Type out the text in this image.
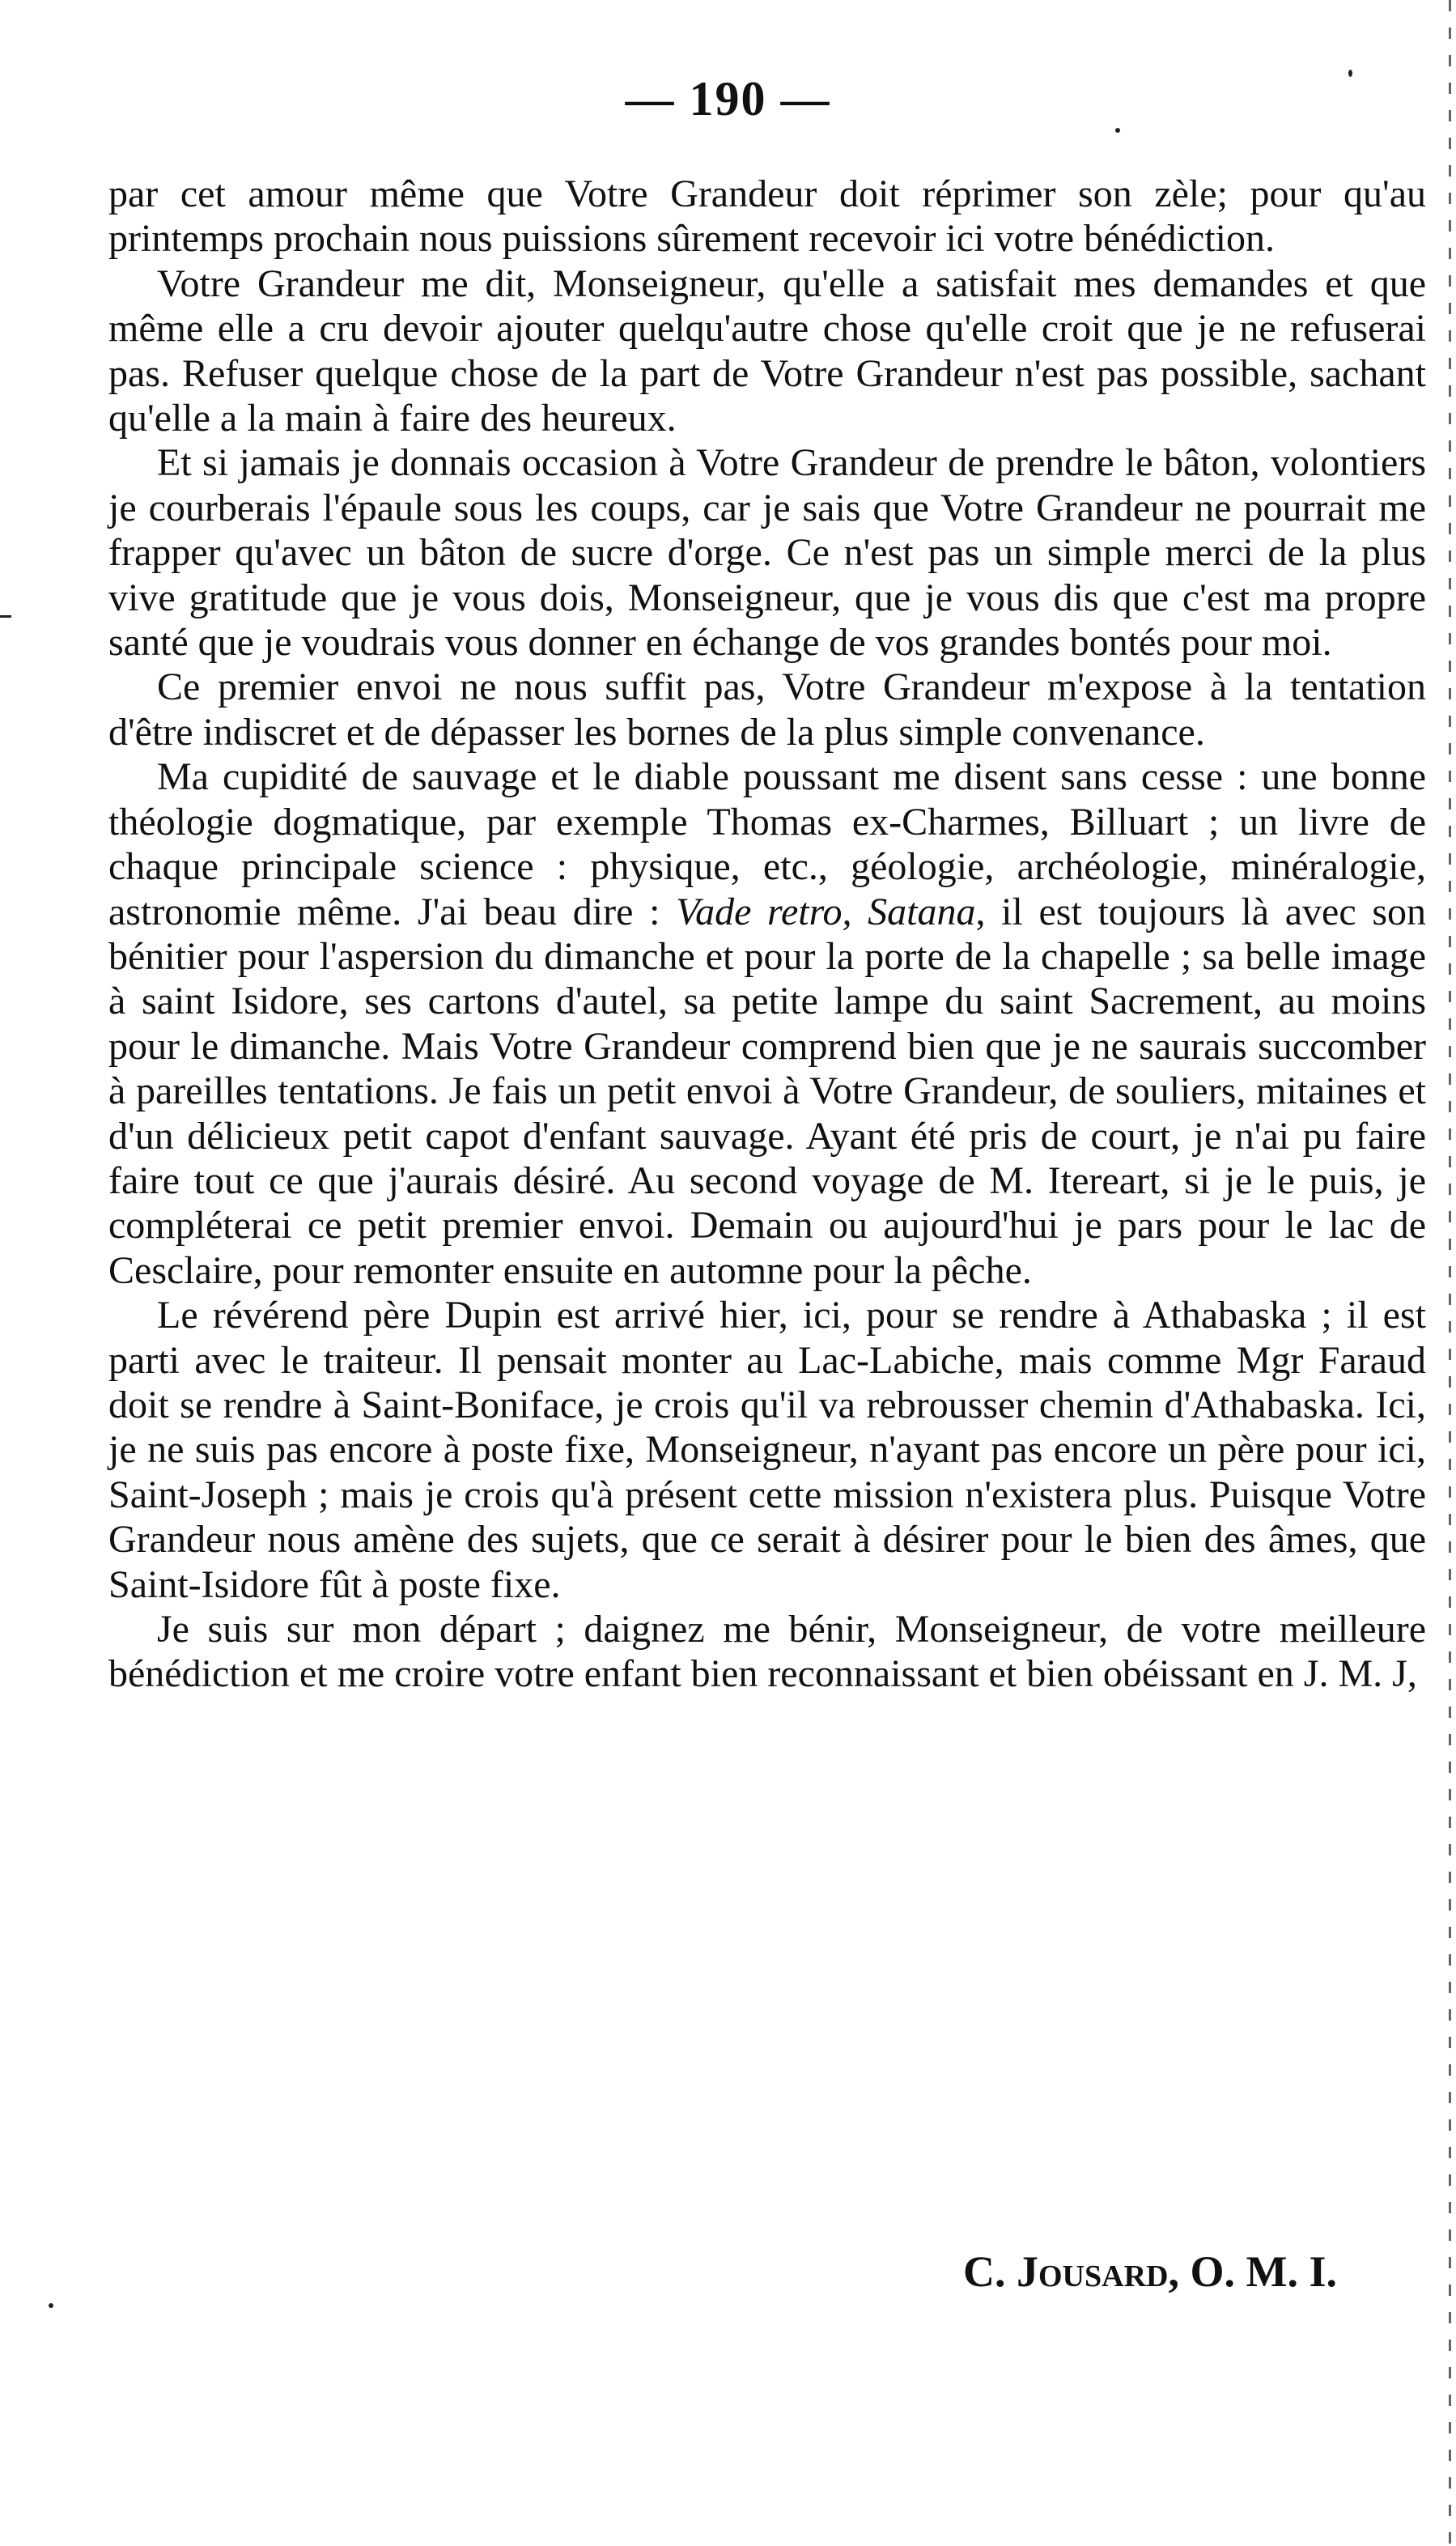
— 190 —

par cet amour même que Votre Grandeur doit réprimer son zèle; pour qu'au printemps prochain nous puissions sûrement recevoir ici votre bénédiction.

Votre Grandeur me dit, Monseigneur, qu'elle a satisfait mes demandes et que même elle a cru devoir ajouter quelqu'autre chose qu'elle croit que je ne refuserai pas. Refuser quelque chose de la part de Votre Grandeur n'est pas possible, sachant qu'elle a la main à faire des heureux.

Et si jamais je donnais occasion à Votre Grandeur de prendre le bâton, volontiers je courberais l'épaule sous les coups, car je sais que Votre Grandeur ne pourrait me frapper qu'avec un bâton de sucre d'orge. Ce n'est pas un simple merci de la plus vive gratitude que je vous dois, Monseigneur, que je vous dis que c'est ma propre santé que je voudrais vous donner en échange de vos grandes bontés pour moi.

Ce premier envoi ne nous suffit pas, Votre Grandeur m'expose à la tentation d'être indiscret et de dépasser les bornes de la plus simple convenance.

Ma cupidité de sauvage et le diable poussant me disent sans cesse : une bonne théologie dogmatique, par exemple Thomas ex-Charmes, Billuart ; un livre de chaque principale science : physique, etc., géologie, archéologie, minéralogie, astronomie même. J'ai beau dire : Vade retro, Satana, il est toujours là avec son bénitier pour l'aspersion du dimanche et pour la porte de la chapelle ; sa belle image à saint Isidore, ses cartons d'autel, sa petite lampe du saint Sacrement, au moins pour le dimanche. Mais Votre Grandeur comprend bien que je ne saurais succomber à pareilles tentations. Je fais un petit envoi à Votre Grandeur, de souliers, mitaines et d'un délicieux petit capot d'enfant sauvage. Ayant été pris de court, je n'ai pu faire faire tout ce que j'aurais désiré. Au second voyage de M. Itereart, si je le puis, je compléterai ce petit premier envoi. Demain ou aujourd'hui je pars pour le lac de Cesclaire, pour remonter ensuite en automne pour la pêche.

Le révérend père Dupin est arrivé hier, ici, pour se rendre à Athabaska ; il est parti avec le traiteur. Il pensait monter au Lac-Labiche, mais comme Mgr Faraud doit se rendre à Saint-Boniface, je crois qu'il va rebrousser chemin d'Athabaska. Ici, je ne suis pas encore à poste fixe, Monseigneur, n'ayant pas encore un père pour ici, Saint-Joseph ; mais je crois qu'à présent cette mission n'existera plus. Puisque Votre Grandeur nous amène des sujets, que ce serait à désirer pour le bien des âmes, que Saint-Isidore fût à poste fixe.

Je suis sur mon départ ; daignez me bénir, Monseigneur, de votre meilleure bénédiction et me croire votre enfant bien reconnaissant et bien obéissant en J. M. J,

C. Jousard, O. M. I.
